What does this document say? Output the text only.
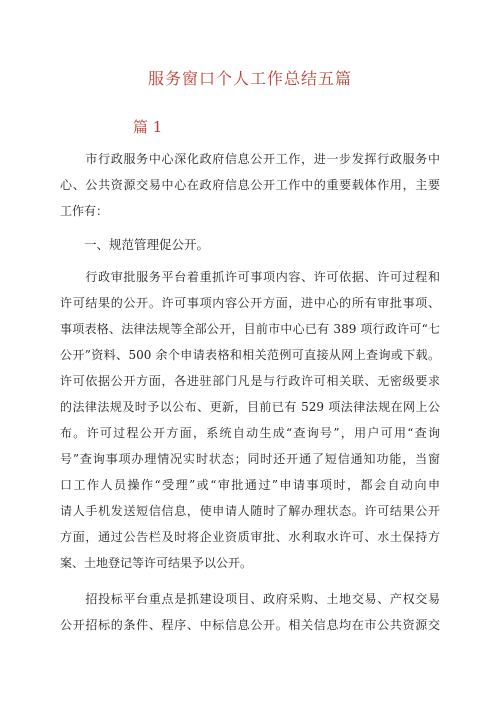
服务窗口个人工作总结五篇
篇 1
　　市行政服务中心深化政府信息公开工作，进一步发挥行政服务中
心、公共资源交易中心在政府信息公开工作中的重要载体作用，主要
工作有：
一、规范管理促公开。
　　行政审批服务平台着重抓许可事项内容、许可依据、许可过程和
许可结果的公开。许可事项内容公开方面，进中心的所有审批事项、
事项表格、法律法规等全部公开，目前市中心已有 389 项行政许可“七
公开”资料、500 余个申请表格和相关范例可直接从网上查询或下载。
许可依据公开方面，各进驻部门凡是与行政许可相关联、无密级要求
的法律法规及时予以公布、更新，目前已有 529 项法律法规在网上公
布。许可过程公开方面，系统自动生成“查询号”，用户可用“查询
号”查询事项办理情况实时状态；同时还开通了短信通知功能，当窗
口工作人员操作“受理”或“审批通过”申请事项时，都会自动向申
请人手机发送短信信息，使申请人随时了解办理状态。许可结果公开
方面，通过公告栏及时将企业资质审批、水利取水许可、水土保持方
案、土地登记等许可结果予以公开。
　　招投标平台重点是抓建设项目、政府采购、土地交易、产权交易
公开招标的条件、程序、中标信息公开。相关信息均在市公共资源交
